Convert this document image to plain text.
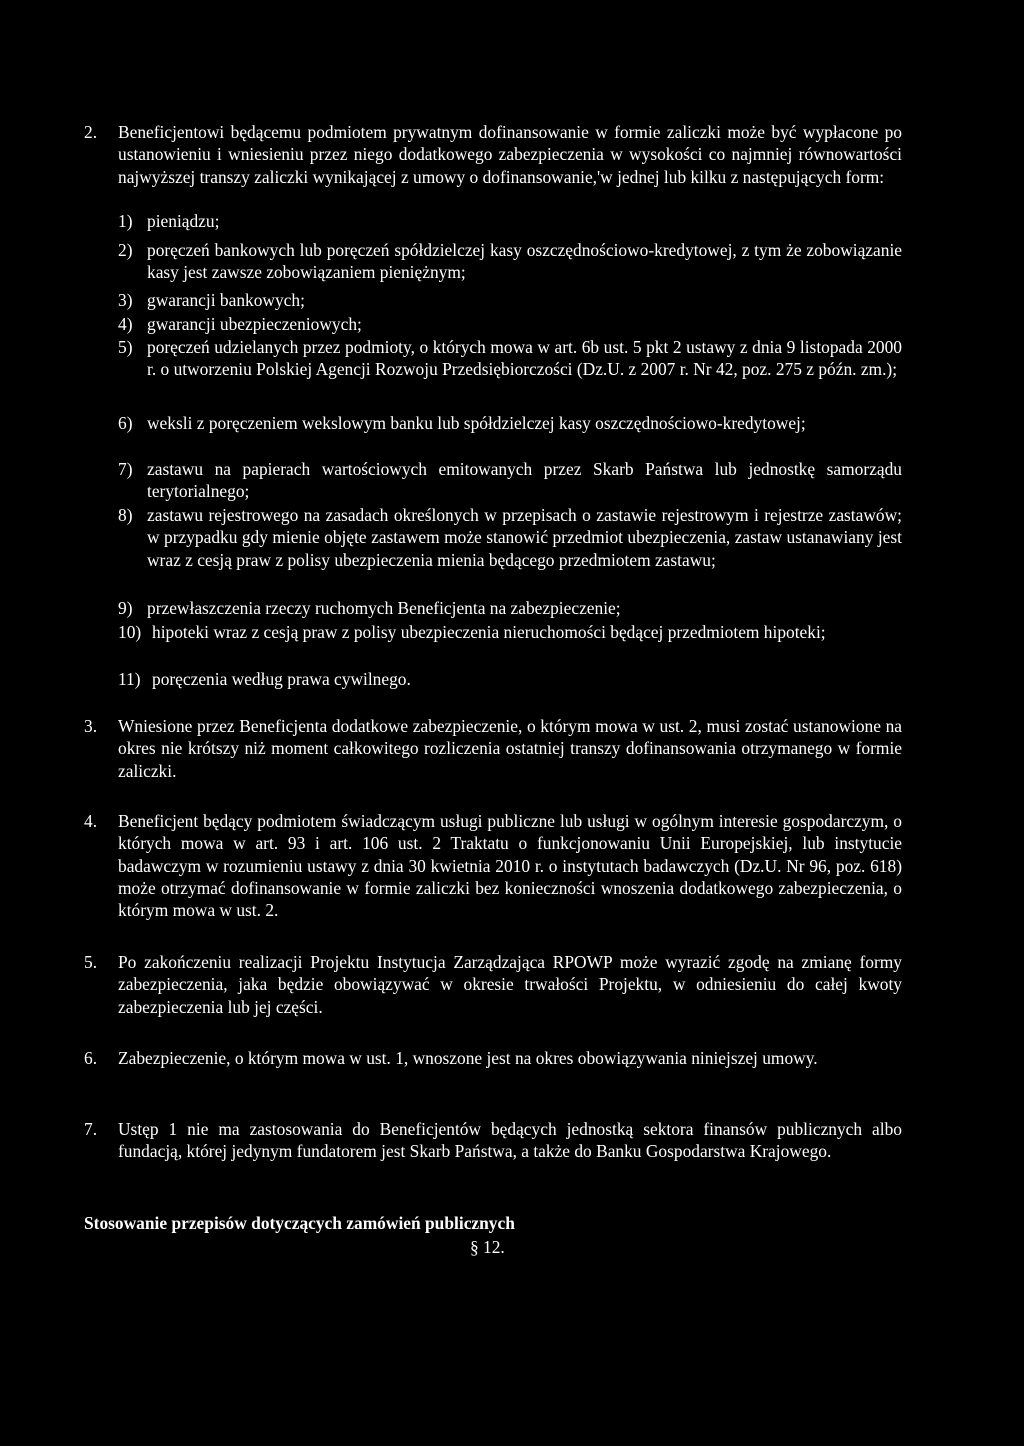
2.	Beneficjentowi będącemu podmiotem prywatnym dofinansowanie w formie zaliczki może być wypłacone po ustanowieniu i wniesieniu przez niego dodatkowego zabezpieczenia w wysokości co najmniej równowartości najwyższej transzy zaliczki wynikającej z umowy o dofinansowanie,'w jednej lub kilku z następujących form:
1) pieniądzu;
2) poręczeń bankowych lub poręczeń spółdzielczej kasy oszczędnościowo-kredytowej, z tym że zobowiązanie kasy jest zawsze zobowiązaniem pieniężnym;
3) gwarancji bankowych;
4) gwarancji ubezpieczeniowych;
5) poręczeń udzielanych przez podmioty, o których mowa w art. 6b ust. 5 pkt 2 ustawy z dnia 9 listopada 2000 r. o utworzeniu Polskiej Agencji Rozwoju Przedsiębiorczości (Dz.U. z 2007 r. Nr 42, poz. 275 z późn. zm.);
6) weksli z poręczeniem wekslowym banku lub spółdzielczej kasy oszczędnościowo-kredytowej;
7) zastawu na papierach wartościowych emitowanych przez Skarb Państwa lub jednostkę samorządu terytorialnego;
8) zastawu rejestrowego na zasadach określonych w przepisach o zastawie rejestrowym i rejestrze zastawów; w przypadku gdy mienie objęte zastawem może stanowić przedmiot ubezpieczenia, zastaw ustanawiany jest wraz z cesją praw z polisy ubezpieczenia mienia będącego przedmiotem zastawu;
9) przewłaszczenia rzeczy ruchomych Beneficjenta na zabezpieczenie;
10) hipoteki wraz z cesją praw z polisy ubezpieczenia nieruchomości będącej przedmiotem hipoteki;
11) poręczenia według prawa cywilnego.
3.	Wniesione przez Beneficjenta dodatkowe zabezpieczenie, o którym mowa w ust. 2, musi zostać ustanowione na okres nie krótszy niż moment całkowitego rozliczenia ostatniej transzy dofinansowania otrzymanego w formie zaliczki.
4.	Beneficjent będący podmiotem świadczącym usługi publiczne lub usługi w ogólnym interesie gospodarczym, o których mowa w art. 93 i art. 106 ust. 2 Traktatu o funkcjonowaniu Unii Europejskiej, lub instytucie badawczym w rozumieniu ustawy z dnia 30 kwietnia 2010 r. o instytutach badawczych (Dz.U. Nr 96, poz. 618) może otrzymać dofinansowanie w formie zaliczki bez konieczności wnoszenia dodatkowego zabezpieczenia, o którym mowa w ust. 2.
5.	Po zakończeniu realizacji Projektu Instytucja Zarządzająca RPOWP może wyrazić zgodę na zmianę formy zabezpieczenia, jaka będzie obowiązywać w okresie trwałości Projektu, w odniesieniu do całej kwoty zabezpieczenia lub jej części.
6.	Zabezpieczenie, o którym mowa w ust. 1, wnoszone jest na okres obowiązywania niniejszej umowy.
7.	Ustęp 1 nie ma zastosowania do Beneficjentów będących jednostką sektora finansów publicznych albo fundacją, której jedynym fundatorem jest Skarb Państwa, a także do Banku Gospodarstwa Krajowego.
Stosowanie przepisów dotyczących zamówień publicznych
§ 12.
